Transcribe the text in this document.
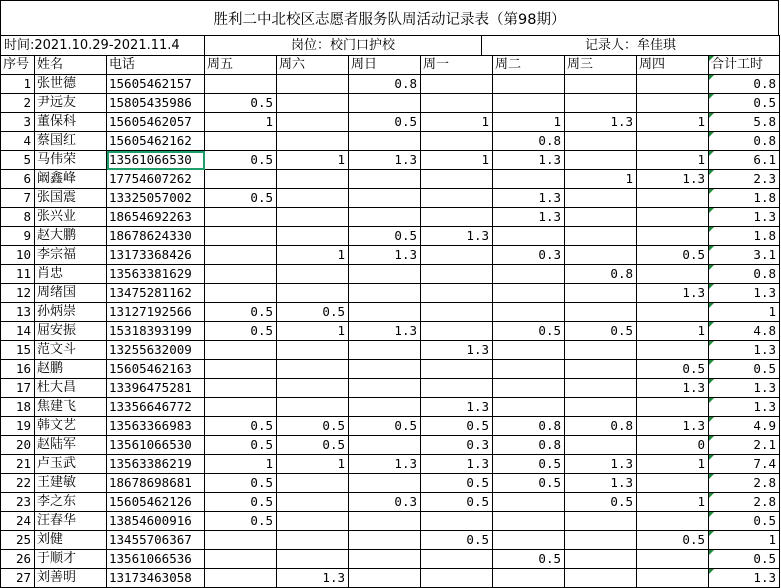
胜利二中北校区志愿者服务队周活动记录表（第98期）
时间:2021.10.29-2021.11.4	岗位：校门口护校	记录人：牟佳琪
序号	姓名	电话	周五	周六	周日	周一	周二	周三	周四	合计工时
1	张世德	15605462157			0.8					0.8
2	尹远友	15805435986	0.5							0.5
3	董保科	15605462057	1		0.5	1	1	1.3	1	5.8
4	蔡国红	15605462162					0.8			0.8
5	马伟荣	13561066530	0.5	1	1.3	1	1.3		1	6.1
6	阚鑫峰	17754607262						1	1.3	2.3
7	张国震	13325057002	0.5				1.3			1.8
8	张兴业	18654692263					1.3			1.3
9	赵大鹏	18678624330			0.5	1.3				1.8
10	李宗福	13173368426		1	1.3		0.3		0.5	3.1
11	肖忠	13563381629						0.8		0.8
12	周绪国	13475281162							1.3	1.3
13	孙炳崇	13127192566	0.5	0.5						1
14	屈安振	15318393199	0.5	1	1.3		0.5	0.5	1	4.8
15	范文斗	13255632009				1.3				1.3
16	赵鹏	15605462163							0.5	0.5
17	杜大昌	13396475281							1.3	1.3
18	焦建飞	13356646772				1.3				1.3
19	韩文艺	13563366983	0.5	0.5	0.5	0.5	0.8	0.8	1.3	4.9
20	赵陆军	13561066530	0.5	0.5		0.3	0.8		0	2.1
21	卢玉武	13563386219	1	1	1.3	1.3	0.5	1.3	1	7.4
22	王建敏	18678698681	0.5			0.5	0.5	1.3		2.8
23	李之东	15605462126	0.5		0.3	0.5		0.5	1	2.8
24	汪春华	13854600916	0.5							0.5
25	刘健	13455706367				0.5			0.5	1
26	于顺才	13561066536					0.5			0.5
27	刘善明	13173463058		1.3						1.3
